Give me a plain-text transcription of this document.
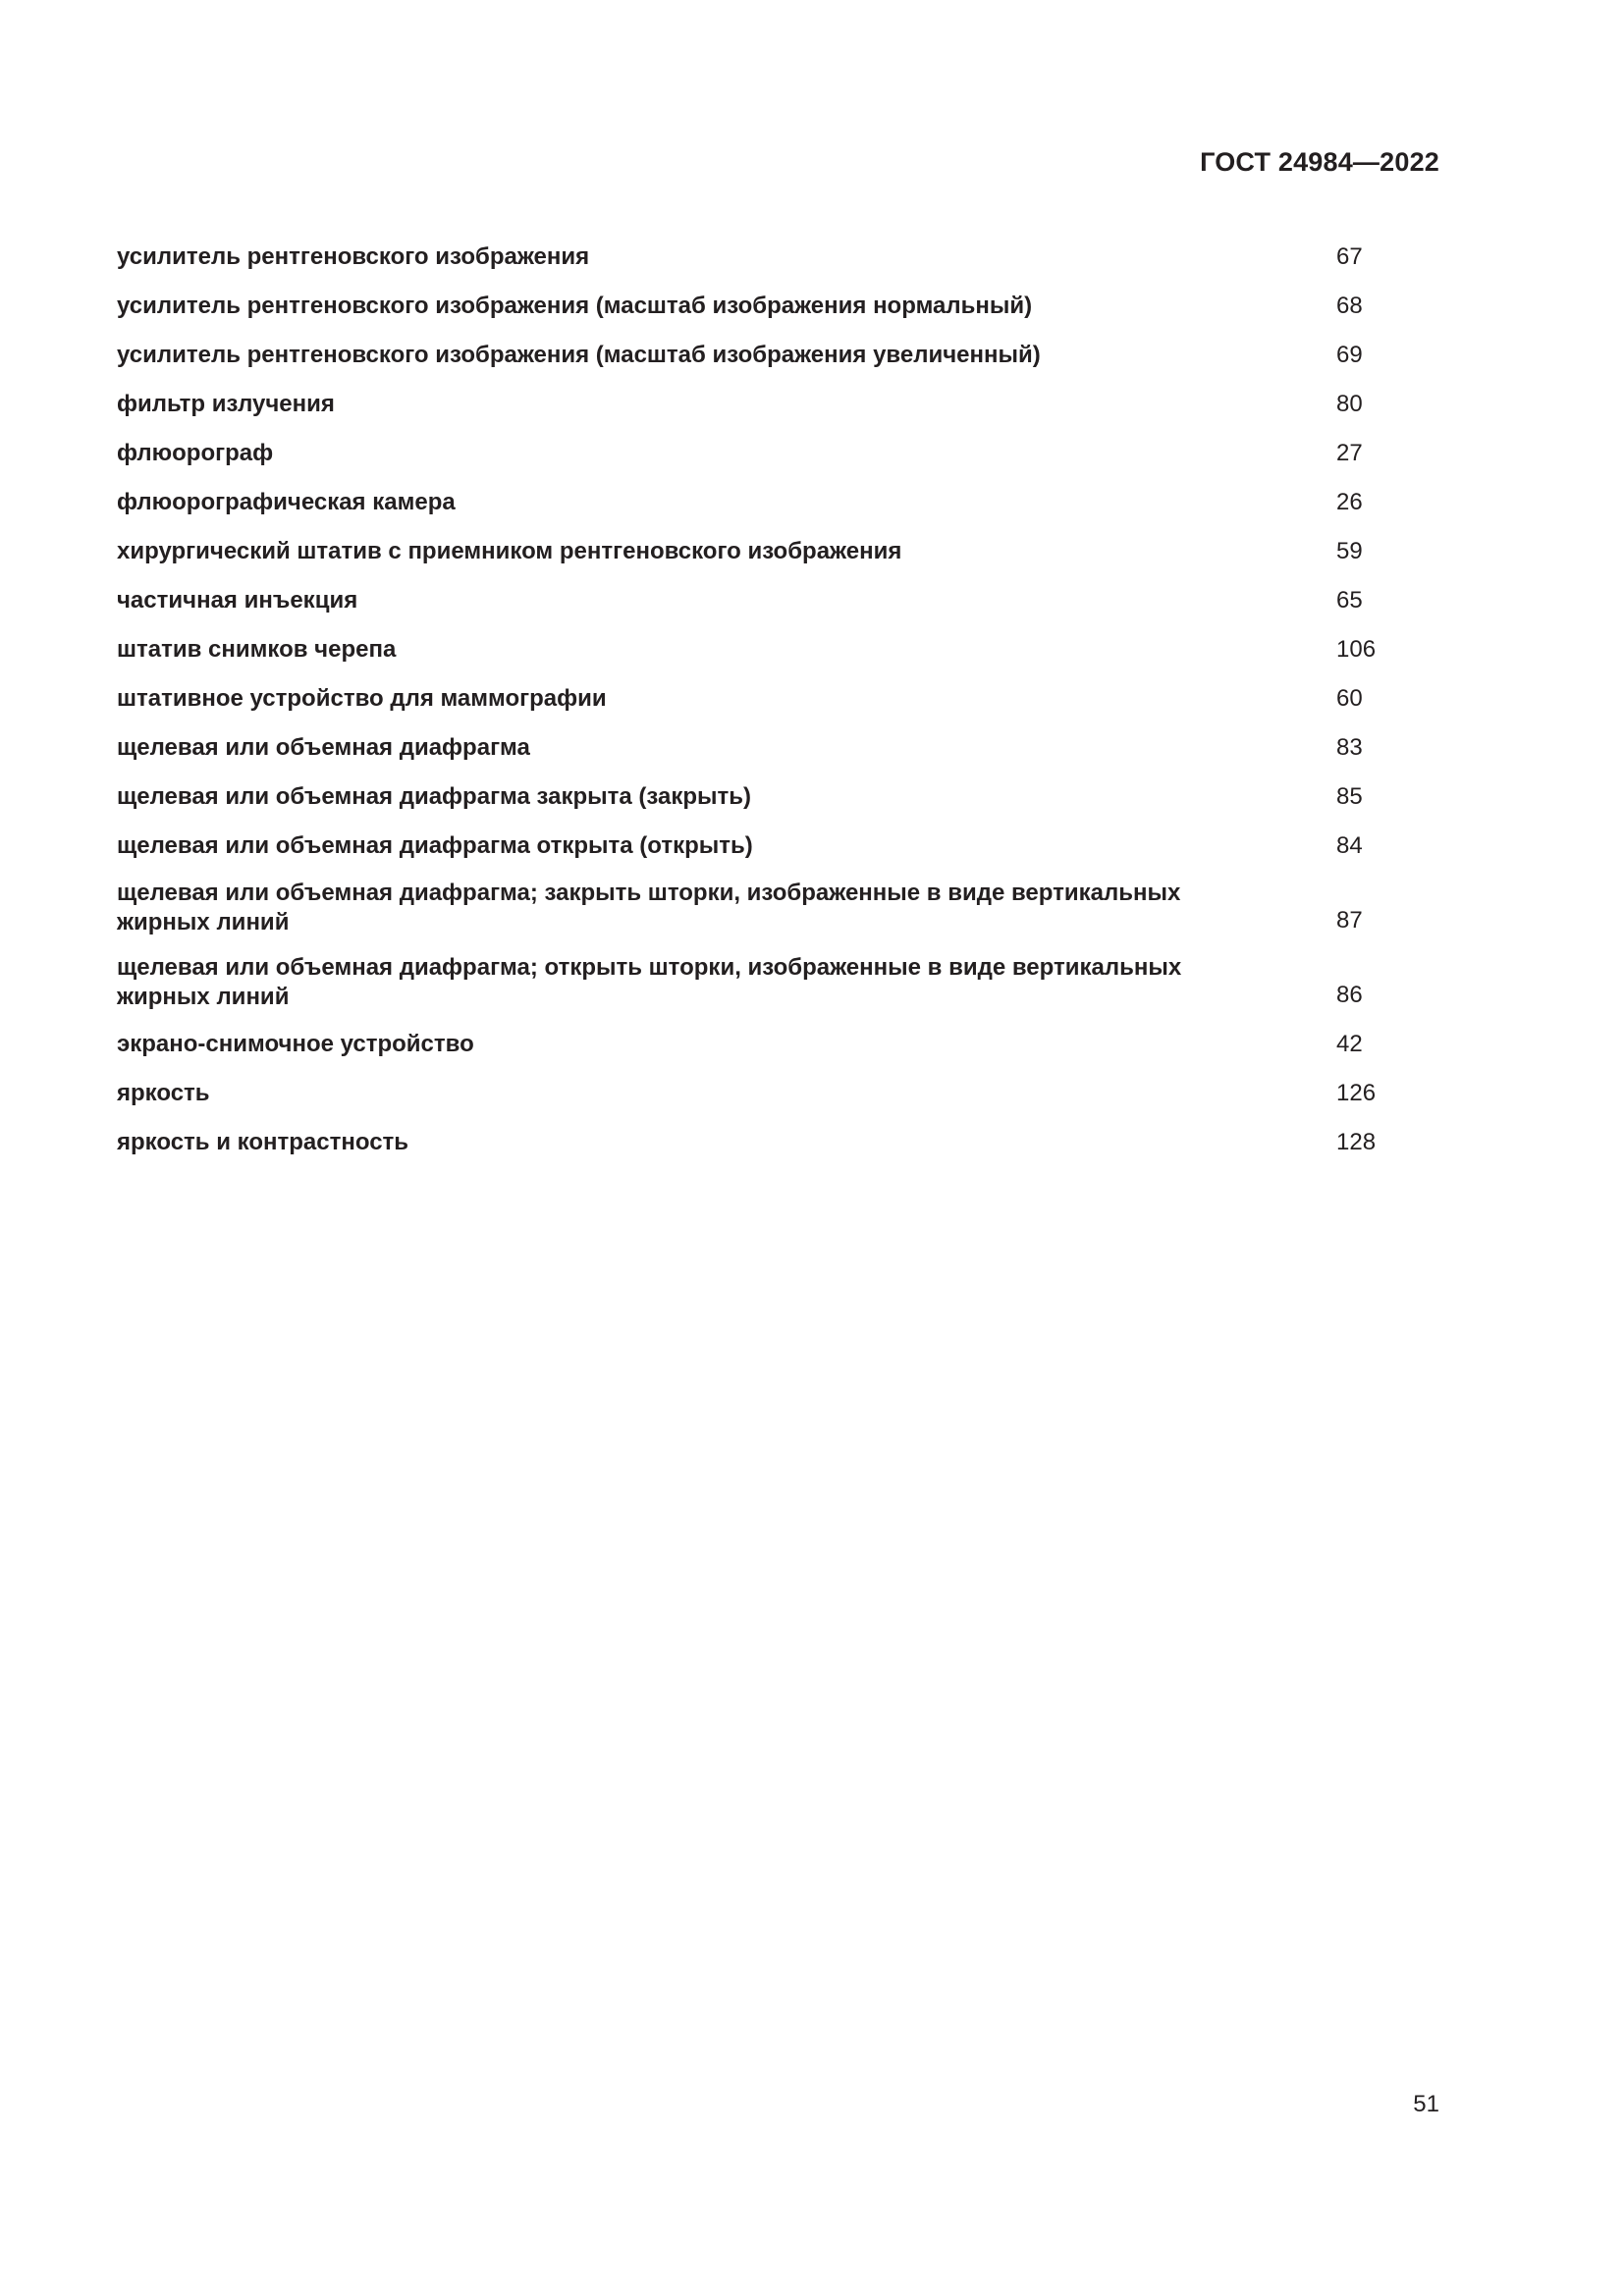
ГОСТ 24984—2022
усилитель рентгеновского изображения	67
усилитель рентгеновского изображения (масштаб изображения нормальный)	68
усилитель рентгеновского изображения (масштаб изображения увеличенный)	69
фильтр излучения	80
флюорограф	27
флюорографическая камера	26
хирургический штатив с приемником рентгеновского изображения	59
частичная инъекция	65
штатив снимков черепа	106
штативное устройство для маммографии	60
щелевая или объемная диафрагма	83
щелевая или объемная диафрагма закрыта (закрыть)	85
щелевая или объемная диафрагма открыта (открыть)	84
щелевая или объемная диафрагма; закрыть шторки, изображенные в виде вертикальных
жирных линий	87
щелевая или объемная диафрагма; открыть шторки, изображенные в виде вертикальных
жирных линий	86
экрано-снимочное устройство	42
яркость	126
яркость и контрастность	128
51
